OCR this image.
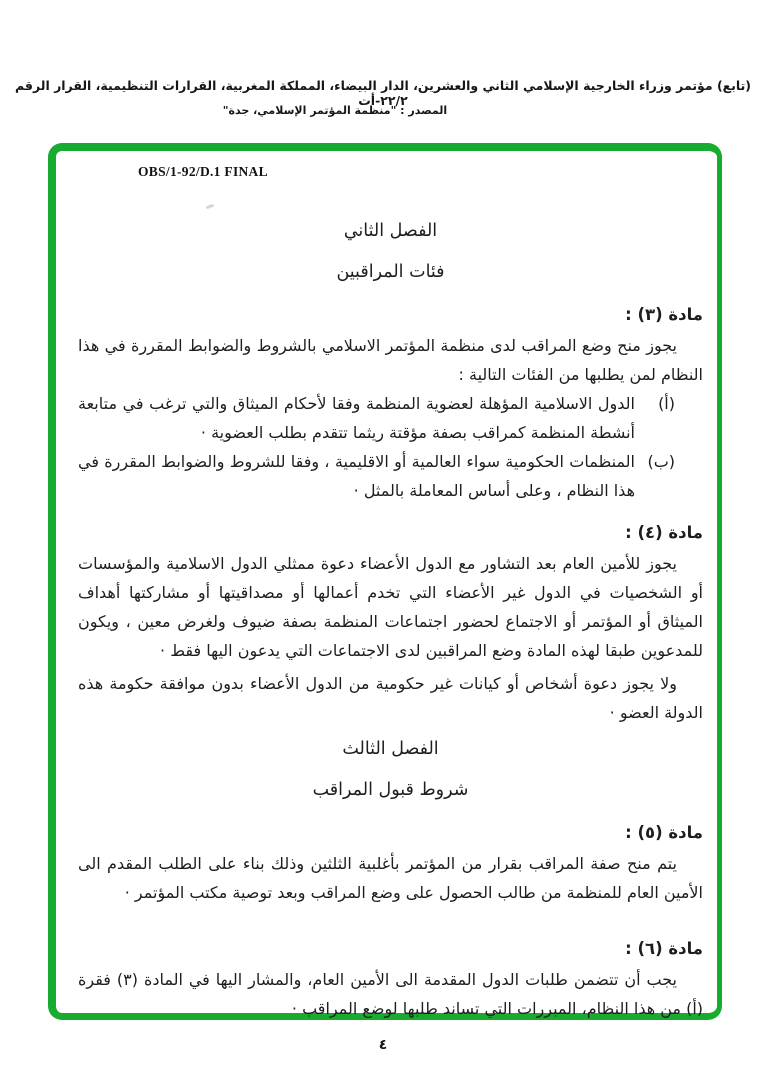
(تابع) مؤتمر وزراء الخارجية الإسلامي الثاني والعشرين، الدار البيضاء، المملكة المغربية، القرارات التنظيمية، القرار الرقم ٢٢/٢-أت
المصدر : "منظمة المؤتمر الإسلامي، جدة"
OBS/1-92/D.1 FINAL
الفصل الثاني
فئات المراقبين
مادة (٣) :

يجوز منح وضع المراقب لدى منظمة المؤتمر الاسلامي بالشروط والضوابط المقررة في هذا النظام لمن يطلبها من الفئات التالية :

(أ)
الدول الاسلامية المؤهلة لعضوية المنظمة وفقا لأحكام الميثاق والتي ترغب في متابعة أنشطة المنظمة كمراقب بصفة مؤقتة ريثما تتقدم بطلب العضوية ·
(ب)
المنظمات الحكومية سواء العالمية أو الاقليمية ، وفقا للشروط والضوابط المقررة في هذا النظام ، وعلى أساس المعاملة بالمثل ·
مادة (٤) :

يجوز للأمين العام بعد التشاور مع الدول الأعضاء دعوة ممثلي الدول الاسلامية والمؤسسات أو الشخصيات في الدول غير الأعضاء التي تخدم أعمالها أو مصداقيتها أو مشاركتها أهداف الميثاق أو المؤتمر أو الاجتماع لحضور اجتماعات المنظمة بصفة ضيوف ولغرض معين ، ويكون للمدعوين طبقا لهذه المادة وضع المراقبين لدى الاجتماعات التي يدعون اليها فقط ·

ولا يجوز دعوة أشخاص أو كيانات غير حكومية من الدول الأعضاء بدون موافقة حكومة هذه الدولة العضو ·

الفصل الثالث
شروط قبول المراقب
مادة (٥) :

يتم منح صفة المراقب بقرار من المؤتمر بأغلبية الثلثين وذلك بناء على الطلب المقدم الى الأمين العام للمنظمة من طالب الحصول على وضع المراقب وبعد توصية مكتب المؤتمر ·

مادة (٦) :

يجب أن تتضمن طلبات الدول المقدمة الى الأمين العام، والمشار اليها في المادة (٣) فقرة (أ) من هذا النظام، المبررات التي تساند طلبها لوضع المراقب ·

٤
